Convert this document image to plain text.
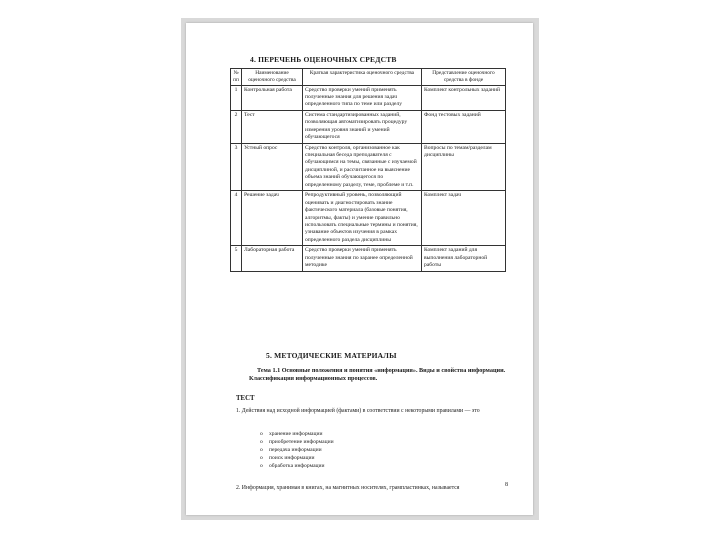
4. ПЕРЕЧЕНЬ ОЦЕНОЧНЫХ СРЕДСТВ
№ пп	Наименование оценочного средства	Краткая характеристика оценочного средства	Представление оценочного средства в фонде
1	Контрольная работа	Средство проверки умений применять полученные знания для решения задач определенного типа по теме или разделу	Комплект контрольных заданий
2	Тест	Система стандартизированных заданий, позволяющая автоматизировать процедуру измерения уровня знаний и умений обучающегося	Фонд тестовых заданий
3	Устный опрос	Средство контроля, организованное как специальная беседа преподавателя с обучающимся на темы, связанные с изучаемой дисциплиной, и рассчитанное на выяснение объема знаний обучающегося по определенному разделу, теме, проблеме и т.п.	Вопросы по темам/разделам дисциплины
4	Решение задач	Репродуктивный уровень, позволяющий оценивать и диагностировать знание фактического материала (базовые понятия, алгоритмы, факты) и умение правильно использовать специальные термины и понятия, узнавание объектов изучения в рамках определенного раздела дисциплины	Комплект задач
5	Лабораторная работа	Средство проверки умений применять полученные знания по заранее определенной методике	Комплект заданий для выполнения лабораторной работы
5. МЕТОДИЧЕСКИЕ МАТЕРИАЛЫ
Тема 1.1 Основные положения и понятия «информация». Виды и свойства информации. Классификация информационных процессов.
ТЕСТ
1. Действия над исходной информацией (фактами) в соответствии с некоторыми правилами — это
o хранение информации
o приобретение информации
o передача информации
o поиск информации
o обработка информации
2. Информация, хранимая в книгах, на магнитных носителях, грампластинках, называется	8
